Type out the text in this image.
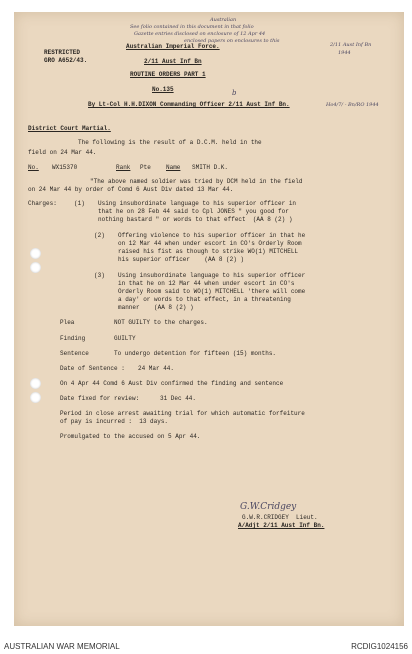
Australian
See folio contained in this document in that folio
Gazette entries disclosed on enclosure of 12 Apr 44
enclosed papers on enclosures to this
2/11 Aust Inf Bn
1944
Ho4/7/ - Bn/RO 1944
b
RESTRICTED
GRO A652/43.
Australian Imperial Force.
2/11 Aust Inf Bn
ROUTINE ORDERS PART 1
No.135
By Lt-Col H.H.DIXON Commanding Officer 2/11 Aust Inf Bn.
District Court Martial.
The following is the result of a D.C.M. held in the
field on 24 Mar 44.
No. WX15370	Rank Pte	Name SMITH D.K.
"The above named soldier was tried by DCM held in the field
on 24 Mar 44 by order of Comd 6 Aust Div dated 13 Mar 44.
Charges:	(1) Using insubordinate language to his superior officer in
that he on 28 Feb 44 said to Cpl JONES " you good for
nothing bastard " or words to that effect  (AA 8 (2) )
(2) Offering violence to his superior officer in that he
on 12 Mar 44 when under escort in CO's Orderly Room
raised his fist as though to strike WO(1) MITCHELL
his superior officer    (AA 8 (2) )
(3) Using insubordinate language to his superior officer
in that he on 12 Mar 44 when under escort in CO's
Orderly Room said to WO(1) MITCHELL 'there will come
a day' or words to that effect, in a threatening
manner    (AA 8 (2) )
Plea	NOT GUILTY to the charges.
Finding	GUILTY
Sentence	To undergo detention for fifteen (15) months.
Date of Sentence : 24 Mar 44.
On 4 Apr 44 Comd 6 Aust Div confirmed the finding and sentence
Date fixed for review:	31 Dec 44.
Period in close arrest awaiting trial for which automatic forfeiture
of pay is incurred :  13 days.
Promulgated to the accused on 5 Apr 44.
G.W.Cridgey
G.W.R.CRIDGEY  Lieut.
A/Adjt 2/11 Aust Inf Bn.
AUSTRALIAN WAR MEMORIAL	RCDIG1024156
